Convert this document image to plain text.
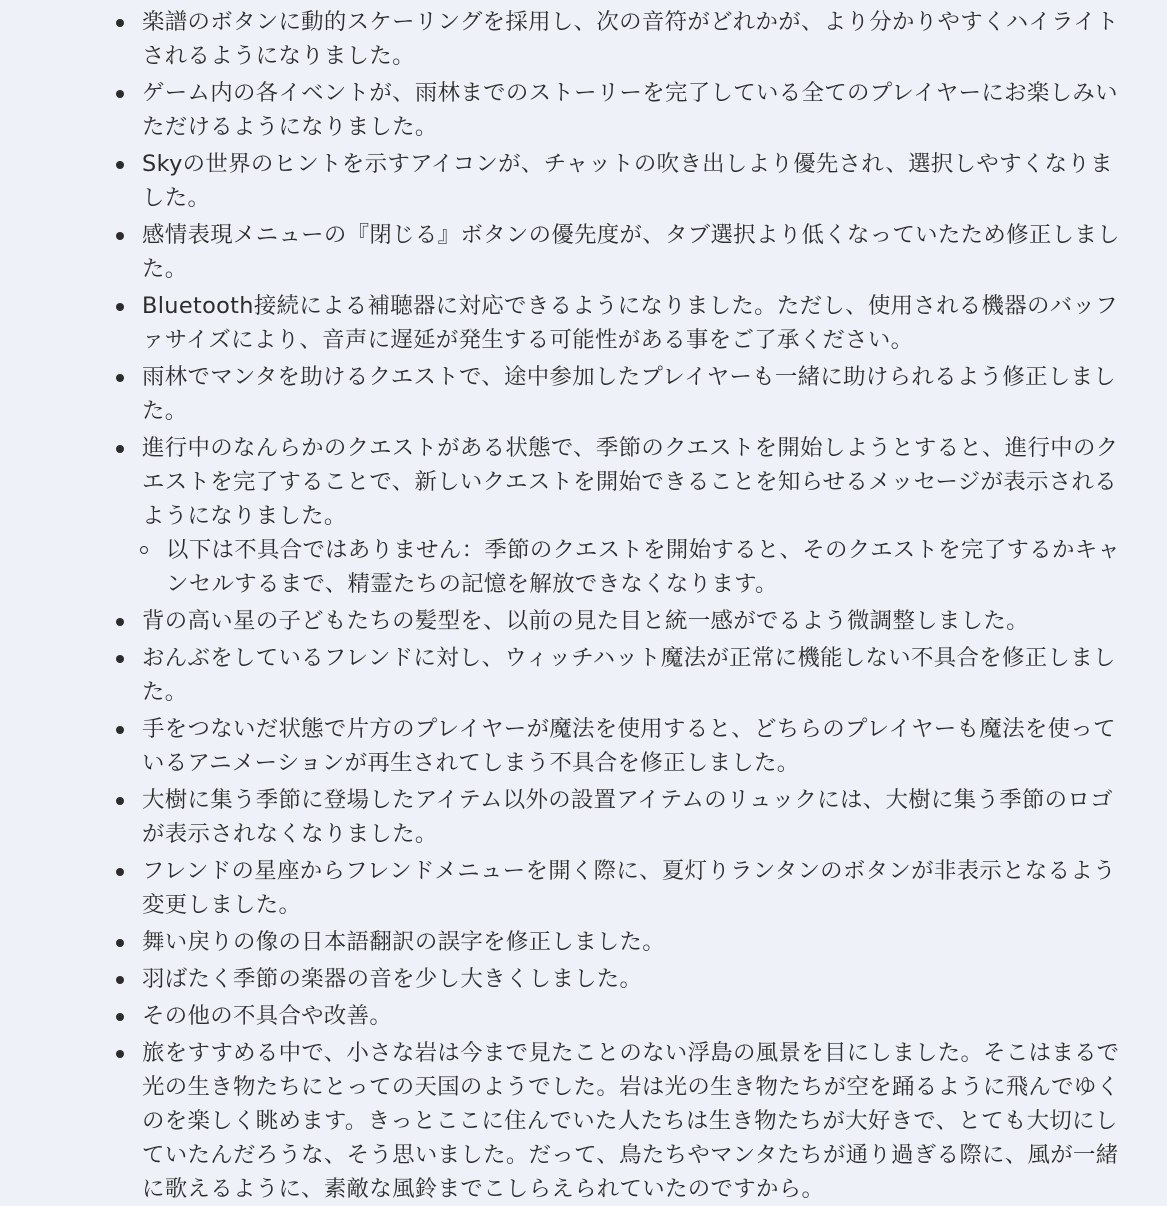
楽譜のボタンに動的スケーリングを採用し、次の音符がどれかが、より分かりやすくハイライトされるようになりました。
ゲーム内の各イベントが、雨林までのストーリーを完了している全てのプレイヤーにお楽しみいただけるようになりました。
Skyの世界のヒントを示すアイコンが、チャットの吹き出しより優先され、選択しやすくなりました。
感情表現メニューの『閉じる』ボタンの優先度が、タブ選択より低くなっていたため修正しました。
Bluetooth接続による補聴器に対応できるようになりました。ただし、使用される機器のバッファサイズにより、音声に遅延が発生する可能性がある事をご了承ください。
雨林でマンタを助けるクエストで、途中参加したプレイヤーも一緒に助けられるよう修正しました。
進行中のなんらかのクエストがある状態で、季節のクエストを開始しようとすると、進行中のクエストを完了することで、新しいクエストを開始できることを知らせるメッセージが表示されるようになりました。
以下は不具合ではありません：季節のクエストを開始すると、そのクエストを完了するかキャンセルするまで、精霊たちの記憶を解放できなくなります。
背の高い星の子どもたちの髪型を、以前の見た目と統一感がでるよう微調整しました。
おんぶをしているフレンドに対し、ウィッチハット魔法が正常に機能しない不具合を修正しました。
手をつないだ状態で片方のプレイヤーが魔法を使用すると、どちらのプレイヤーも魔法を使っているアニメーションが再生されてしまう不具合を修正しました。
大樹に集う季節に登場したアイテム以外の設置アイテムのリュックには、大樹に集う季節のロゴが表示されなくなりました。
フレンドの星座からフレンドメニューを開く際に、夏灯りランタンのボタンが非表示となるよう変更しました。
舞い戻りの像の日本語翻訳の誤字を修正しました。
羽ばたく季節の楽器の音を少し大きくしました。
その他の不具合や改善。
旅をすすめる中で、小さな岩は今まで見たことのない浮島の風景を目にしました。そこはまるで光の生き物たちにとっての天国のようでした。岩は光の生き物たちが空を踊るように飛んでゆくのを楽しく眺めます。きっとここに住んでいた人たちは生き物たちが大好きで、とても大切にしていたんだろうな、そう思いました。だって、鳥たちやマンタたちが通り過ぎる際に、風が一緒に歌えるように、素敵な風鈴までこしらえられていたのですから。
